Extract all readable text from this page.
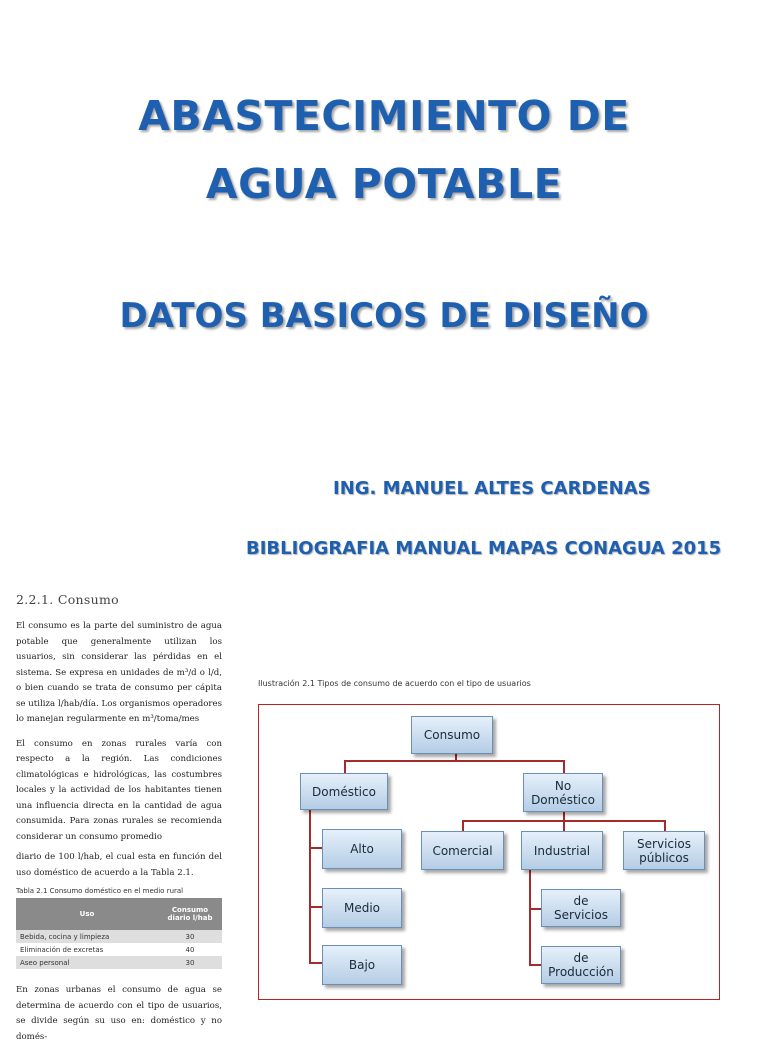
ABASTECIMIENTO DE
AGUA POTABLE
DATOS BASICOS DE DISEÑO

ING. MANUEL ALTES CARDENAS

BIBLIOGRAFIA MANUAL MAPAS CONAGUA 2015

2.2.1. Consumo

El consumo es la parte del suministro de agua potable que generalmente utilizan los usuarios, sin considerar las pérdidas en el sistema. Se expresa en unidades de m³/d o l/d, o bien cuando se trata de consumo per cápita se utiliza l/hab/día. Los organismos operadores lo manejan regularmente en m³/toma/mes

El consumo en zonas rurales varía con respecto a la región. Las condiciones climatológicas e hidrológicas, las costumbres locales y la actividad de los habitantes tienen una influencia directa en la cantidad de agua consumida. Para zonas rurales se recomienda considerar un consumo promedio

diario de 100 l/hab, el cual esta en función del uso doméstico de acuerdo a la Tabla 2.1.

Tabla 2.1 Consumo doméstico en el medio rural

Uso	Consumo diario l/hab
Bebida, cocina y limpieza	30
Eliminación de excretas	40
Aseo personal	30

En zonas urbanas el consumo de agua se determina de acuerdo con el tipo de usuarios, se divide según su uso en: doméstico y no domés-

Ilustración 2.1 Tipos de consumo de acuerdo con el tipo de usuarios

Consumo
Doméstico	No Doméstico
Alto
Medio
Bajo
Comercial	Industrial	Servicios públicos
de Servicios
de Producción
